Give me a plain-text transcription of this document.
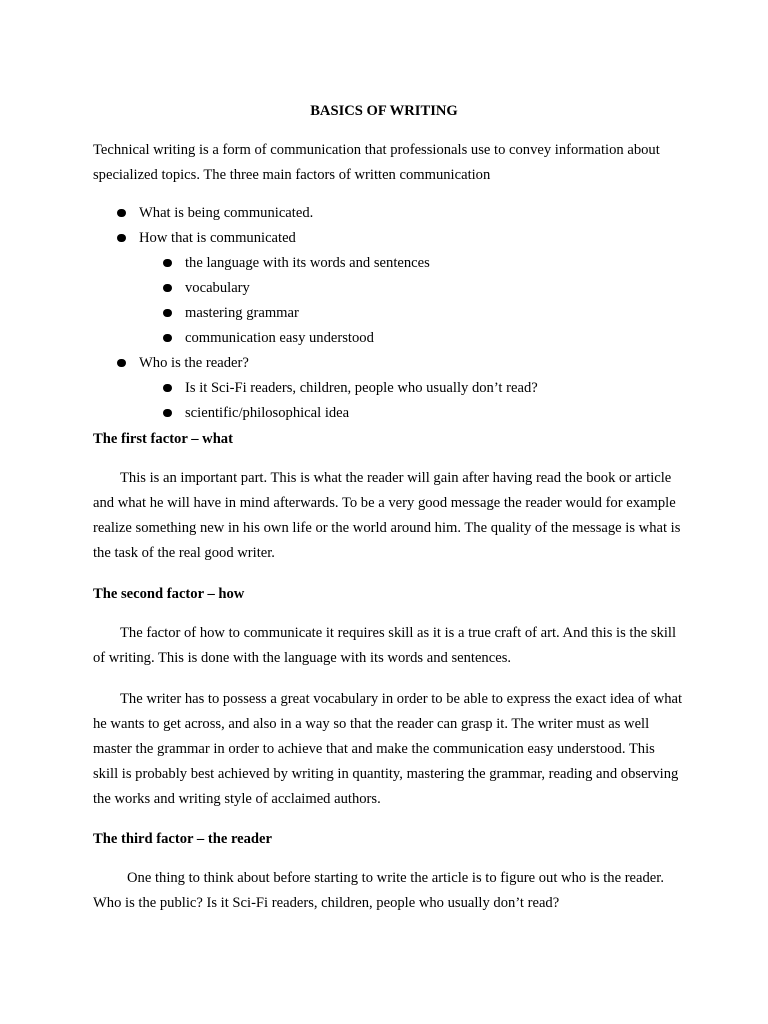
BASICS OF WRITING

Technical writing is a form of communication that professionals use to convey information about specialized topics. The three main factors of written communication

What is being communicated.
How that is communicated
the language with its words and sentences
vocabulary
mastering grammar
communication easy understood
Who is the reader?
Is it Sci-Fi readers, children, people who usually don’t read?
scientific/philosophical idea
The first factor – what

This is an important part. This is what the reader will gain after having read the book or article and what he will have in mind afterwards. To be a very good message the reader would for example realize something new in his own life or the world around him. The quality of the message is what is the task of the real good writer.

The second factor – how

The factor of how to communicate it requires skill as it is a true craft of art. And this is the skill of writing. This is done with the language with its words and sentences.

The writer has to possess a great vocabulary in order to be able to express the exact idea of what he wants to get across, and also in a way so that the reader can grasp it. The writer must as well master the grammar in order to achieve that and make the communication easy understood. This skill is probably best achieved by writing in quantity, mastering the grammar, reading and observing the works and writing style of acclaimed authors.

The third factor – the reader

One thing to think about before starting to write the article is to figure out who is the reader. Who is the public? Is it Sci-Fi readers, children, people who usually don’t read?
